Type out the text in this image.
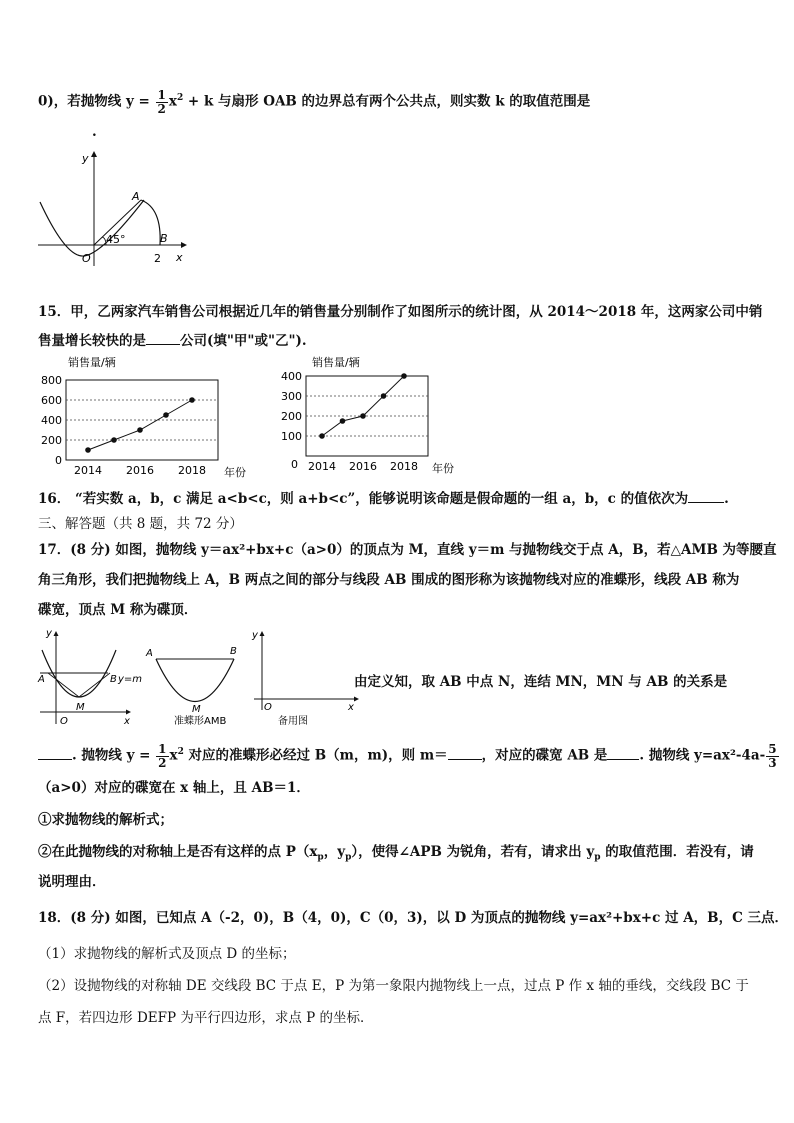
0)，若抛物线 $y = \frac{1}{2} x^2 + k$ 与扇形 OAB 的边界总有两个公共点，则实数 k 的取值范围是
.
y
x
O
A
B
45°
2
15．甲，乙两家汽车销售公司根据近几年的销售量分别制作了如图所示的统计图，从 2014～2018 年，这两家公司中销
售量增长较快的是	公司(填"甲"或"乙").
销售量/辆
年份
0
200
400
600
800
2014 2016 2018
销售量/辆
年份
100
200
300
400
0 2014 2016 2018
16． “若实数 a，b，c 满足 a<b<c，则 a+b<c”，能够说明该命题是假命题的一组 a，b，c 的值依次为	.
三、解答题（共 8 题，共 72 分）
17．(8 分) 如图，抛物线 y＝ax²+bx+c（a>0）的顶点为 M，直线 y＝m 与抛物线交于点 A，B，若△AMB 为等腰直
角三角形，我们把抛物线上 A，B 两点之间的部分与线段 AB 围成的图形称为该抛物线对应的准蝶形，线段 AB 称为
碟宽，顶点 M 称为碟顶．
y
x
O
A	B
M
y=m
A	B
M
准蝶形AMB
y
x
O
备用图
由定义知，取 AB 中点 N，连结 MN，MN 与 AB 的关系是
. 抛物线 $y = \frac{1}{2} x^2$ 对应的准蝶形必经过 B（m，m)，则 m＝	，对应的碟宽 AB 是 . 抛物线 $y=ax^2-4a- \frac{5}{3}$
（a>0）对应的碟宽在 x 轴上，且 AB＝1．
①求抛物线的解析式；
②在此抛物线的对称轴上是否有这样的点 $P(x_p$，$y_p$），使得∠APB 为锐角，若有，请求出 $y_p$ 的取值范围．若没有，请
说明理由．
18．(8 分) 如图，已知点 A（-2，0)，B（4，0)，C（0，3)，以 D 为顶点的抛物线 y=ax²+bx+c 过 A，B，C 三点．
（1）求抛物线的解析式及顶点 D 的坐标；
（2）设抛物线的对称轴 DE 交线段 BC 于点 E，P 为第一象限内抛物线上一点，过点 P 作 x 轴的垂线，交线段 BC 于
点 F，若四边形 DEFP 为平行四边形，求点 P 的坐标．
